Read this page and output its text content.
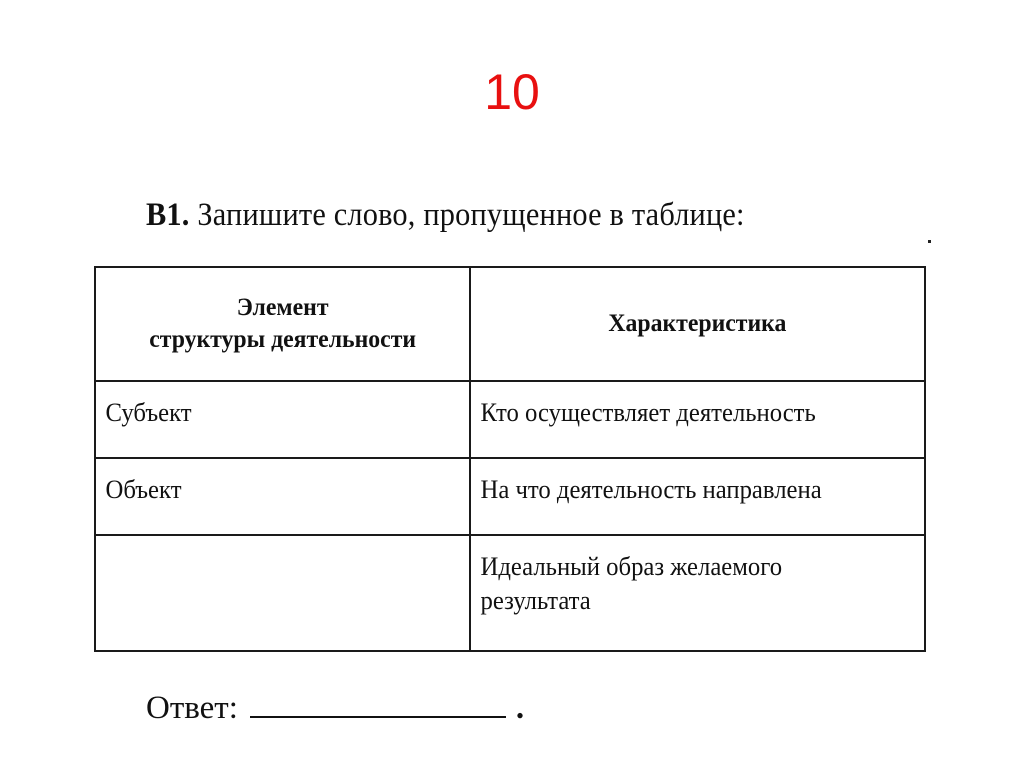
10
В1. Запишите слово, пропущенное в таблице:
Элемент
структуры деятельности	Характеристика

Субъект	Кто осуществляет деятельность

Объект	На что деятельность направлена

	Идеальный образ желаемого
результата
Ответ:	.
